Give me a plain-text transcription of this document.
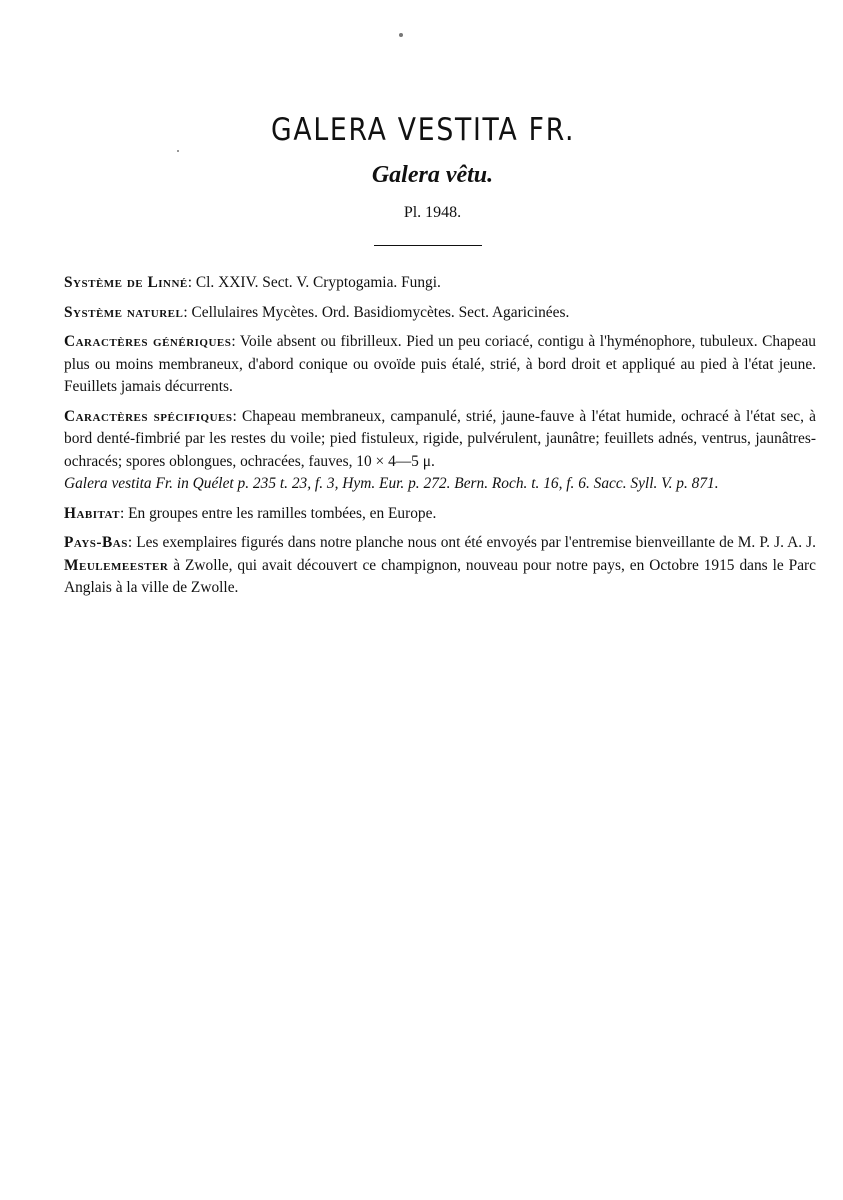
GALERA VESTITA FR.
Galera vêtu.
Pl. 1948.

Système de Linné: Cl. XXIV. Sect. V. Cryptogamia. Fungi.

Système naturel: Cellulaires Mycètes. Ord. Basidiomycètes. Sect. Agaricinées.

Caractères génériques: Voile absent ou fibrilleux. Pied un peu coriacé, contigu à l'hyménophore, tubuleux. Chapeau plus ou moins membraneux, d'abord conique ou ovoïde puis étalé, strié, à bord droit et appliqué au pied à l'état jeune. Feuillets jamais décurrents.

Caractères spécifiques: Chapeau membraneux, campanulé, strié, jaune-fauve à l'état humide, ochracé à l'état sec, à bord denté-fimbrié par les restes du voile; pied fistuleux, rigide, pulvérulent, jaunâtre; feuillets adnés, ventrus, jaunâtres-ochracés; spores oblongues, ochracées, fauves, 10 × 4—5 μ.

Galera vestita Fr. in Quélet p. 235 t. 23, f. 3, Hym. Eur. p. 272. Bern. Roch. t. 16, f. 6. Sacc. Syll. V. p. 871.

Habitat: En groupes entre les ramilles tombées, en Europe.

Pays-Bas: Les exemplaires figurés dans notre planche nous ont été envoyés par l'entremise bienveillante de M. P. J. A. J. Meulemeester à Zwolle, qui avait découvert ce champignon, nouveau pour notre pays, en Octobre 1915 dans le Parc Anglais à la ville de Zwolle.
